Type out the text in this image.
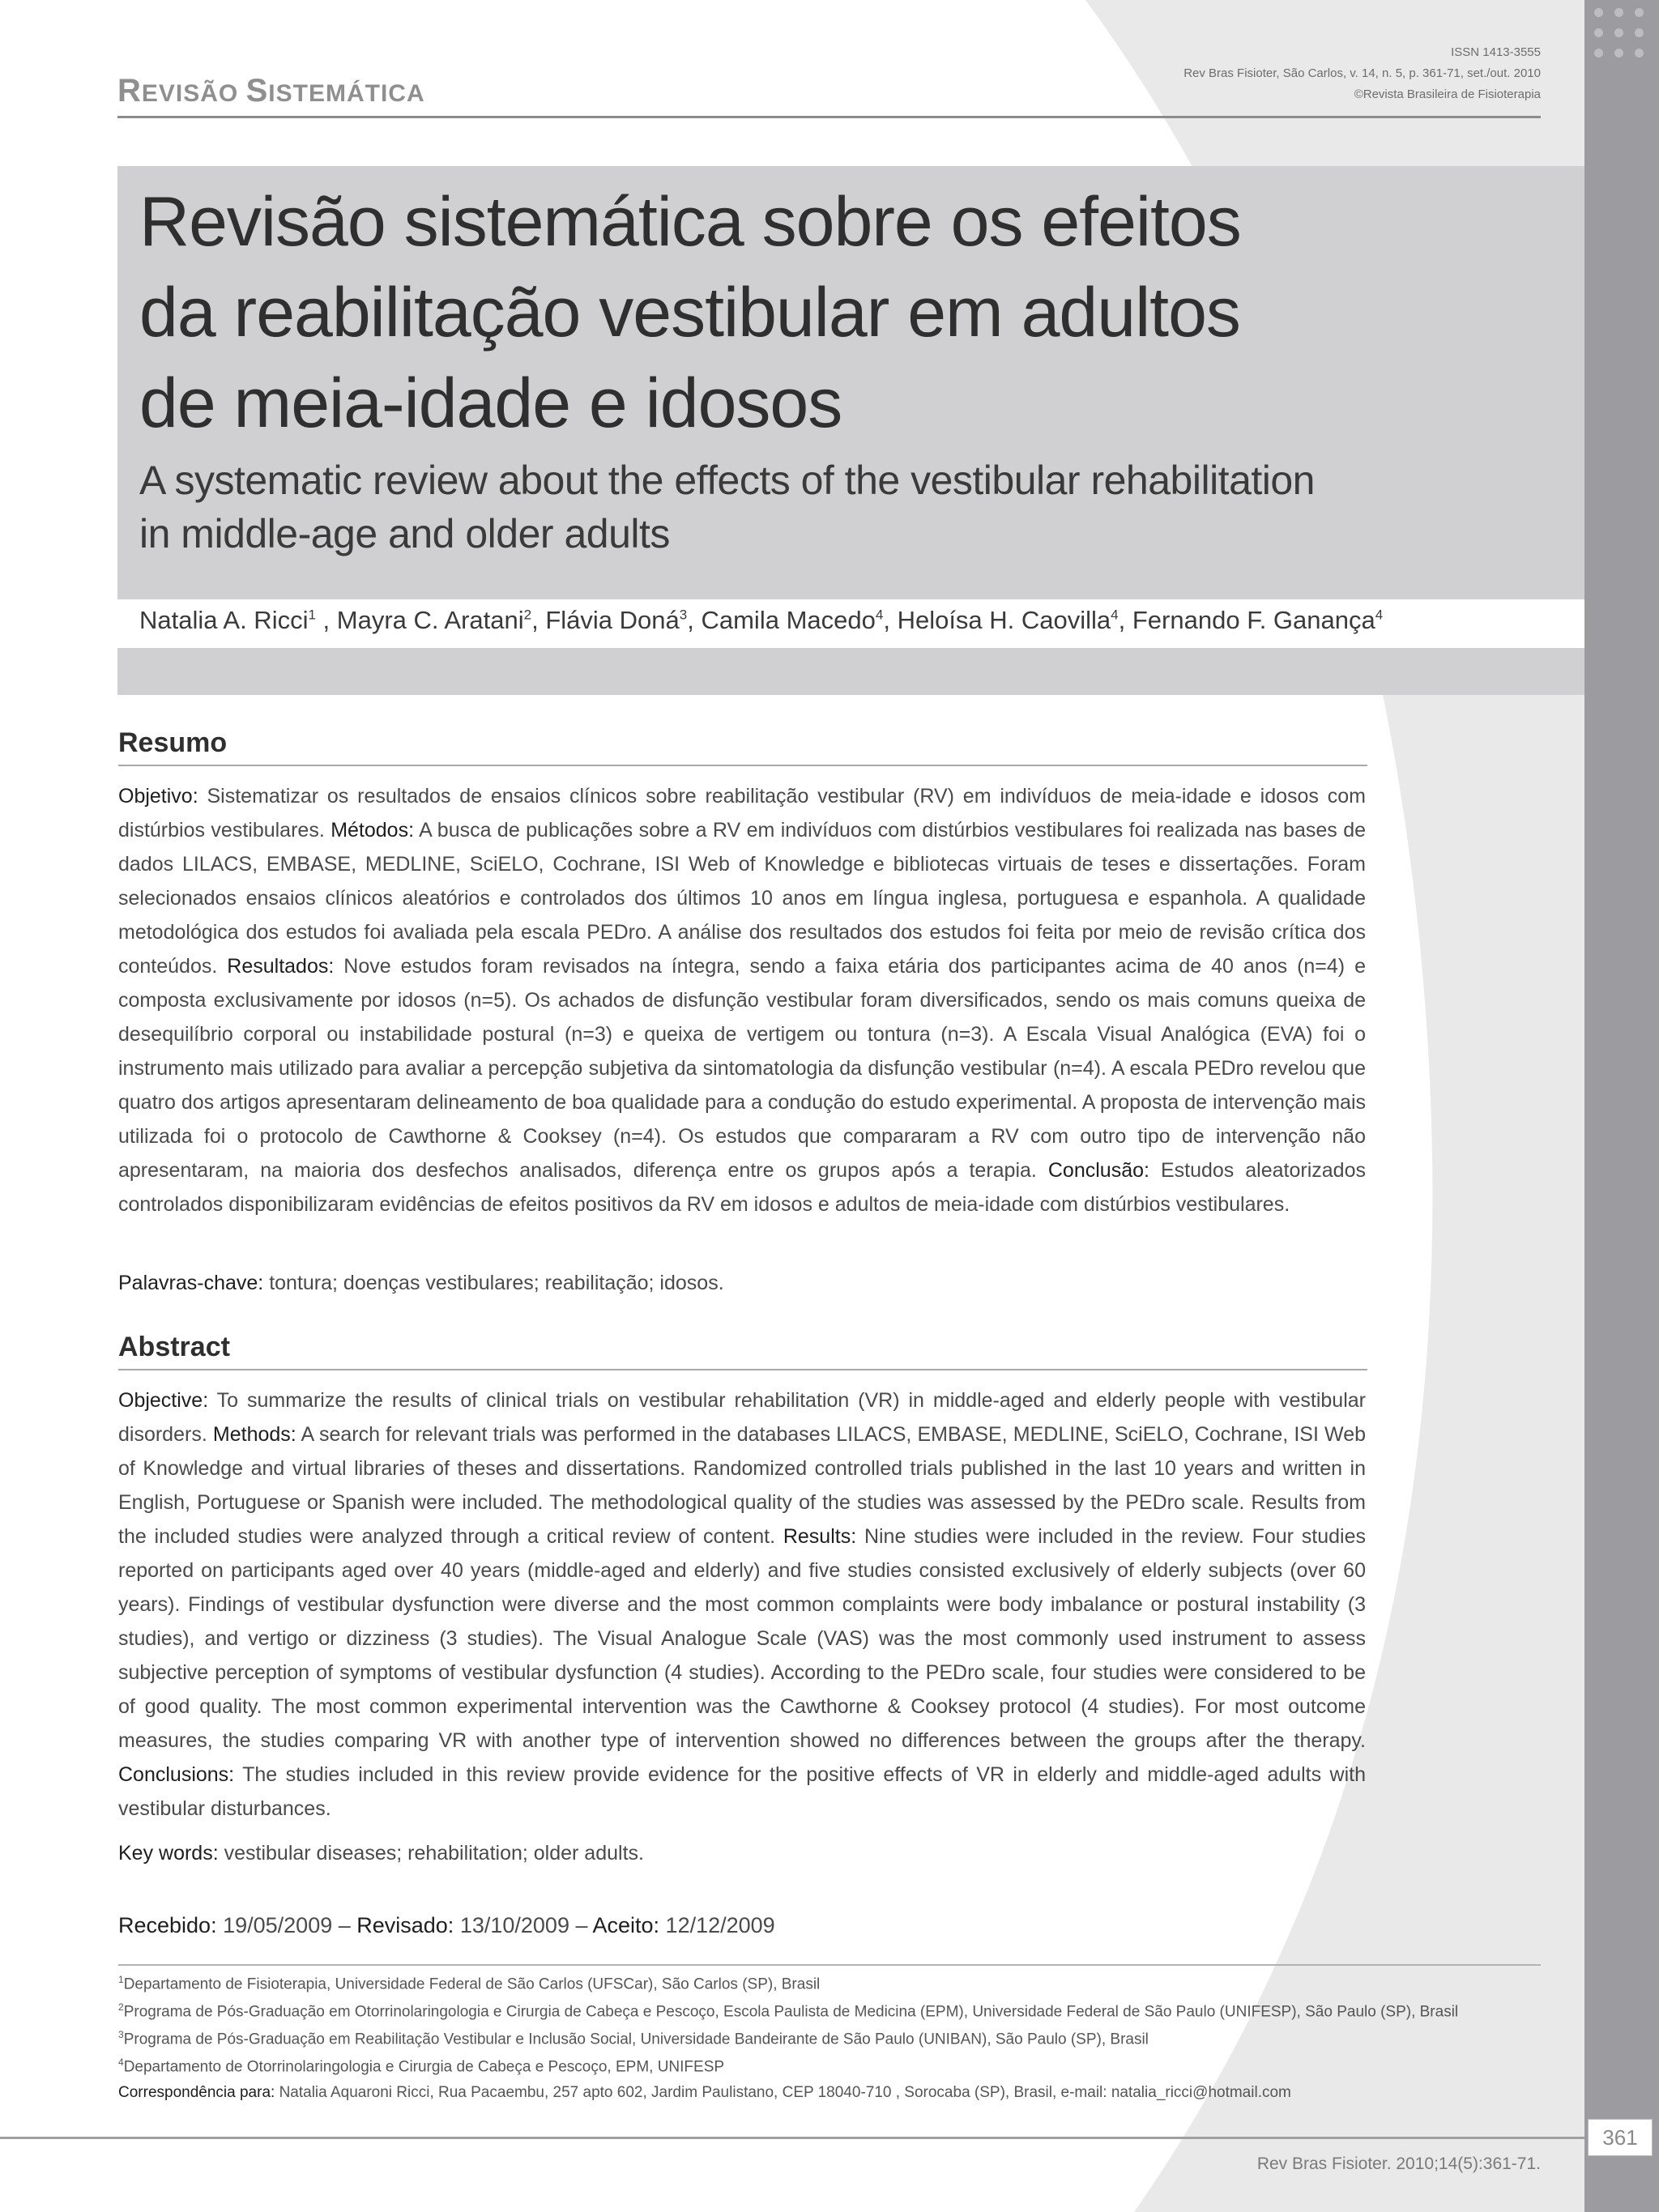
361
REVISÃO SISTEMÁTICA
ISSN 1413-3555
Rev Bras Fisioter, São Carlos, v. 14, n. 5, p. 361-71, set./out. 2010
©Revista Brasileira de Fisioterapia
Revisão sistemática sobre os efeitos
da reabilitação vestibular em adultos
de meia-idade e idosos
A systematic review about the effects of the vestibular rehabilitation
in middle-age and older adults
Natalia A. Ricci$^1$ , Mayra C. Aratani$^2$, Flávia Doná$^3$, Camila Macedo$^4$, Heloísa H. Caovilla$^4$, Fernando F. Ganança$^4$
Resumo
Objetivo: Sistematizar os resultados de ensaios clínicos sobre reabilitação vestibular (RV) em indivíduos de meia-idade e idosos com distúrbios vestibulares. Métodos: A busca de publicações sobre a RV em indivíduos com distúrbios vestibulares foi realizada nas bases de dados LILACS, EMBASE, MEDLINE, SciELO, Cochrane, ISI Web of Knowledge e bibliotecas virtuais de teses e dissertações. Foram selecionados ensaios clínicos aleatórios e controlados dos últimos 10 anos em língua inglesa, portuguesa e espanhola. A qualidade metodológica dos estudos foi avaliada pela escala PEDro. A análise dos resultados dos estudos foi feita por meio de revisão crítica dos conteúdos. Resultados: Nove estudos foram revisados na íntegra, sendo a faixa etária dos participantes acima de 40 anos (n=4) e composta exclusivamente por idosos (n=5). Os achados de disfunção vestibular foram diversificados, sendo os mais comuns queixa de desequilíbrio corporal ou instabilidade postural (n=3) e queixa de vertigem ou tontura (n=3). A Escala Visual Analógica (EVA) foi o instrumento mais utilizado para avaliar a percepção subjetiva da sintomatologia da disfunção vestibular (n=4). A escala PEDro revelou que quatro dos artigos apresentaram delineamento de boa qualidade para a condução do estudo experimental. A proposta de intervenção mais utilizada foi o protocolo de Cawthorne & Cooksey (n=4). Os estudos que compararam a RV com outro tipo de intervenção não apresentaram, na maioria dos desfechos analisados, diferença entre os grupos após a terapia. Conclusão: Estudos aleatorizados controlados disponibilizaram evidências de efeitos positivos da RV em idosos e adultos de meia-idade com distúrbios vestibulares.
Palavras-chave: tontura; doenças vestibulares; reabilitação; idosos.
Abstract
Objective: To summarize the results of clinical trials on vestibular rehabilitation (VR) in middle-aged and elderly people with vestibular disorders. Methods: A search for relevant trials was performed in the databases LILACS, EMBASE, MEDLINE, SciELO, Cochrane, ISI Web of Knowledge and virtual libraries of theses and dissertations. Randomized controlled trials published in the last 10 years and written in English, Portuguese or Spanish were included. The methodological quality of the studies was assessed by the PEDro scale. Results from the included studies were analyzed through a critical review of content. Results: Nine studies were included in the review. Four studies reported on participants aged over 40 years (middle-aged and elderly) and five studies consisted exclusively of elderly subjects (over 60 years). Findings of vestibular dysfunction were diverse and the most common complaints were body imbalance or postural instability (3 studies), and vertigo or dizziness (3 studies). The Visual Analogue Scale (VAS) was the most commonly used instrument to assess subjective perception of symptoms of vestibular dysfunction (4 studies). According to the PEDro scale, four studies were considered to be of good quality. The most common experimental intervention was the Cawthorne & Cooksey protocol (4 studies). For most outcome measures, the studies comparing VR with another type of intervention showed no differences between the groups after the therapy. Conclusions: The studies included in this review provide evidence for the positive effects of VR in elderly and middle-aged adults with vestibular disturbances.
Key words: vestibular diseases; rehabilitation; older adults.
Recebido: 19/05/2009 – Revisado: 13/10/2009 – Aceito: 12/12/2009
$^1$Departamento de Fisioterapia, Universidade Federal de São Carlos (UFSCar), São Carlos (SP), Brasil
$^2$Programa de Pós-Graduação em Otorrinolaringologia e Cirurgia de Cabeça e Pescoço, Escola Paulista de Medicina (EPM), Universidade Federal de São Paulo (UNIFESP), São Paulo (SP), Brasil
$^3$Programa de Pós-Graduação em Reabilitação Vestibular e Inclusão Social, Universidade Bandeirante de São Paulo (UNIBAN), São Paulo (SP), Brasil
$^4$Departamento de Otorrinolaringologia e Cirurgia de Cabeça e Pescoço, EPM, UNIFESP
Correspondência para: Natalia Aquaroni Ricci, Rua Pacaembu, 257 apto 602, Jardim Paulistano, CEP 18040-710 , Sorocaba (SP), Brasil, e-mail: natalia_ricci@hotmail.com
Rev Bras Fisioter. 2010;14(5):361-71.
